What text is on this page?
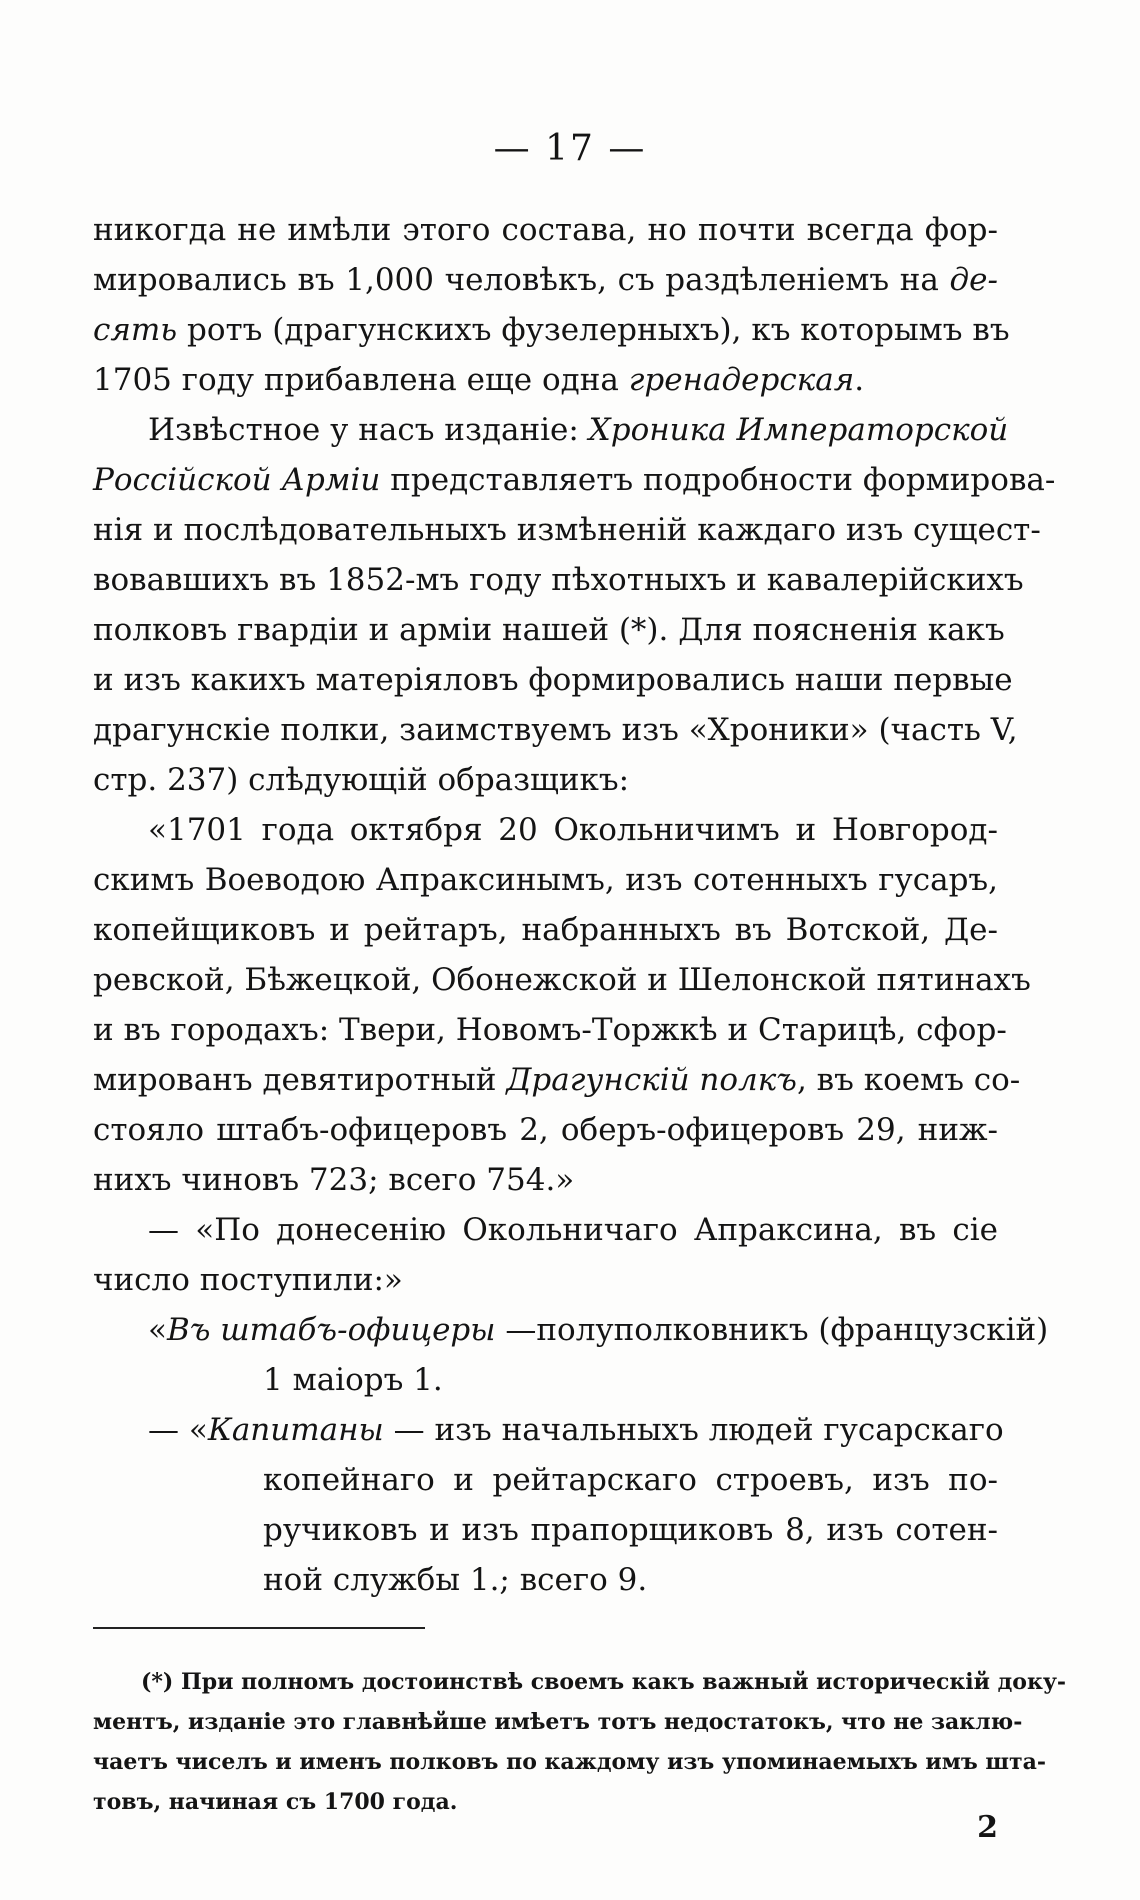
— 17 —
никогда не имѣли этого состава, но почти всегда фор-
мировались въ 1,000 человѣкъ, съ раздѣленіемъ на де-
сять ротъ (драгунскихъ фузелерныхъ), къ которымъ въ
1705 году прибавлена еще одна гренадерская.
Извѣстное у насъ изданіе: Хроника Императорской
Россійской Арміи представляетъ подробности формирова-
нія и послѣдовательныхъ измѣненій каждаго изъ сущест-
вовавшихъ въ 1852-мъ году пѣхотныхъ и кавалерійскихъ
полковъ гвардіи и арміи нашей (*). Для поясненія какъ
и изъ какихъ матеріяловъ формировались наши первые
драгунскіе полки, заимствуемъ изъ «Хроники» (часть V,
стр. 237) слѣдующій образщикъ:
«1701 года октября 20 Окольничимъ и Новгород-
скимъ Воеводою Апраксинымъ, изъ сотенныхъ гусаръ,
копейщиковъ и рейтаръ, набранныхъ въ Вотской, Де-
ревской, Бѣжецкой, Обонежской и Шелонской пятинахъ
и въ городахъ: Твери, Новомъ-Торжкѣ и Старицѣ, сфор-
мированъ девятиротный Драгунскій полкъ, въ коемъ со-
стояло штабъ-офицеровъ 2, оберъ-офицеровъ 29, ниж-
нихъ чиновъ 723; всего 754.»
— «По донесенію Окольничаго Апраксина, въ сіе
число поступили:»
«Въ штабъ-офицеры —полуполковникъ (французскій)
1 маіоръ 1.
— «Капитаны — изъ начальныхъ людей гусарскаго
копейнаго и рейтарскаго строевъ, изъ по-
ручиковъ и изъ прапорщиковъ 8, изъ сотен-
ной службы 1.; всего 9.
(*) При полномъ достоинствѣ своемъ какъ важный историческій доку-
ментъ, изданіе это главнѣйше имѣетъ тотъ недостатокъ, что не заклю-
чаетъ чиселъ и именъ полковъ по каждому изъ упоминаемыхъ имъ шта-
товъ, начиная съ 1700 года.
2
